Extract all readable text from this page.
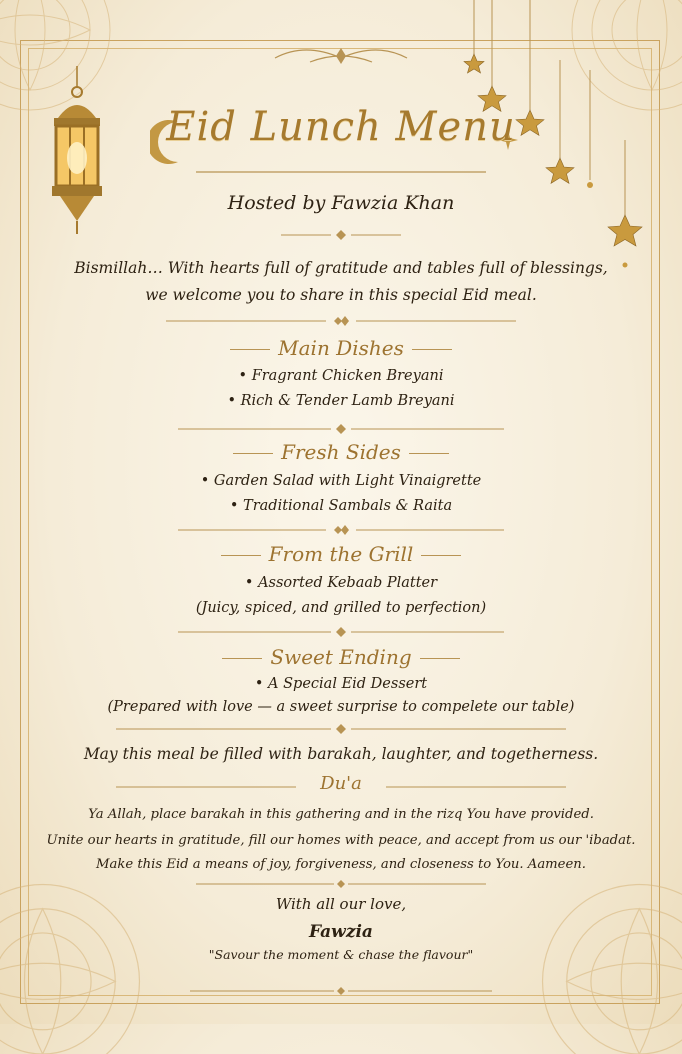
Eid Lunch Menu
Hosted by Fawzia Khan
Bismillah… With hearts full of gratitude and tables full of blessings,
we welcome you to share in this special Eid meal.
Main Dishes
• Fragrant Chicken Breyani
• Rich & Tender Lamb Breyani
Fresh Sides
• Garden Salad with Light Vinaigrette
• Traditional Sambals & Raita
From the Grill
• Assorted Kebaab Platter
(Juicy, spiced, and grilled to perfection)
Sweet Ending
• A Special Eid Dessert
(Prepared with love — a sweet surprise to compelete our table)
May this meal be filled with barakah, laughter, and togetherness.
Du'a
Ya Allah, place barakah in this gathering and in the rizq You have provided.
Unite our hearts in gratitude, fill our homes with peace, and accept from us our 'ibadat.
Make this Eid a means of joy, forgiveness, and closeness to You. Aameen.
With all our love,
Fawzia
"Savour the moment & chase the flavour"
